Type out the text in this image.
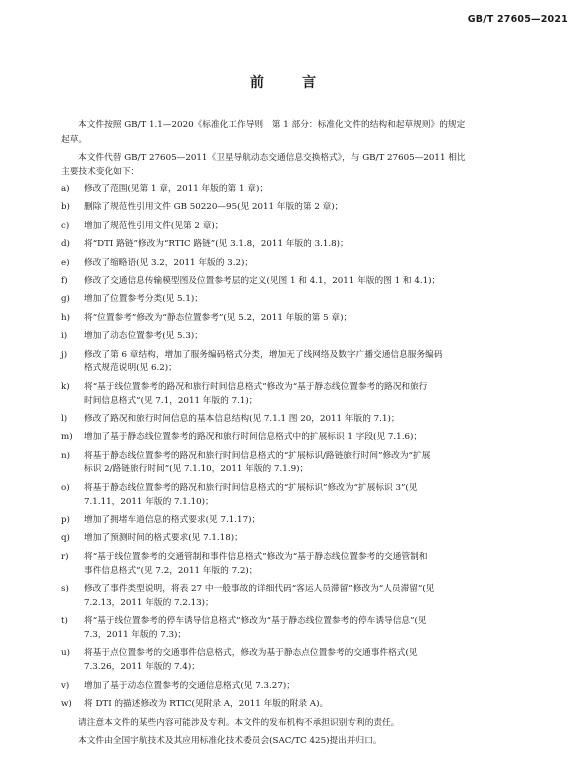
GB/T 27605—2021
前　言

本文件按照 GB/T 1.1—2020《标准化工作导则　第 1 部分：标准化文件的结构和起草规则》的规定
起草。

本文件代替 GB/T 27605—2011《卫星导航动态交通信息交换格式》，与 GB/T 27605—2011 相比
主要技术变化如下：

a)	修改了范围(见第 1 章，2011 年版的第 1 章)；
b)	删除了规范性引用文件 GB 50220—95(见 2011 年版的第 2 章)；
c)	增加了规范性引用文件(见第 2 章)；
d)	将“DTI 路链”修改为“RTIC 路链”(见 3.1.8，2011 年版的 3.1.8)；
e)	修改了缩略语(见 3.2，2011 年版的 3.2)；
f)	修改了交通信息传输模型图及位置参考层的定义(见图 1 和 4.1，2011 年版的图 1 和 4.1)；
g)	增加了位置参考分类(见 5.1)；
h)	将“位置参考”修改为“静态位置参考”(见 5.2，2011 年版的第 5 章)；
i)	增加了动态位置参考(见 5.3)；
j)	修改了第 6 章结构，增加了服务编码格式分类，增加无了线网络及数字广播交通信息服务编码
格式规范说明(见 6.2)；
k)	将“基于线位置参考的路况和旅行时间信息格式”修改为“基于静态线位置参考的路况和旅行
时间信息格式”(见 7.1，2011 年版的 7.1)；
l)	修改了路况和旅行时间信息的基本信息结构(见 7.1.1 图 20，2011 年版的 7.1)；
m)	增加了基于静态线位置参考的路况和旅行时间信息格式中的扩展标识 1 字段(见 7.1.6)；
n)	将基于静态线位置参考的路况和旅行时间信息格式的“扩展标识/路链旅行时间”修改为“扩展
标识 2/路链旅行时间”(见 7.1.10，2011 年版的 7.1.9)；
o)	将基于静态线位置参考的路况和旅行时间信息格式的“扩展标识”修改为“扩展标识 3”(见
7.1.11，2011 年版的 7.1.10)；
p)	增加了拥堵车道信息的格式要求(见 7.1.17)；
q)	增加了预测时间的格式要求(见 7.1.18)；
r)	将“基于线位置参考的交通管制和事件信息格式”修改为“基于静态线位置参考的交通管制和
事件信息格式”(见 7.2，2011 年版的 7.2)；
s)	修改了事件类型说明，将表 27 中一般事故的详细代码“客运人员滞留”修改为“人员滞留”(见
7.2.13，2011 年版的 7.2.13)；
t)	将“基于线位置参考的停车诱导信息格式”修改为“基于静态线位置参考的停车诱导信息”(见
7.3，2011 年版的 7.3)；
u)	将基于点位置参考的交通事件信息格式，修改为基于静态点位置参考的交通事件格式(见
7.3.26，2011 年版的 7.4)；
v)	增加了基于动态位置参考的交通信息格式(见 7.3.27)；
w)	将 DTI 的描述修改为 RTIC(见附录 A，2011 年版的附录 A)。

请注意本文件的某些内容可能涉及专利。本文件的发布机构不承担识别专利的责任。

本文件由全国宇航技术及其应用标准化技术委员会(SAC/TC 425)提出并归口。
